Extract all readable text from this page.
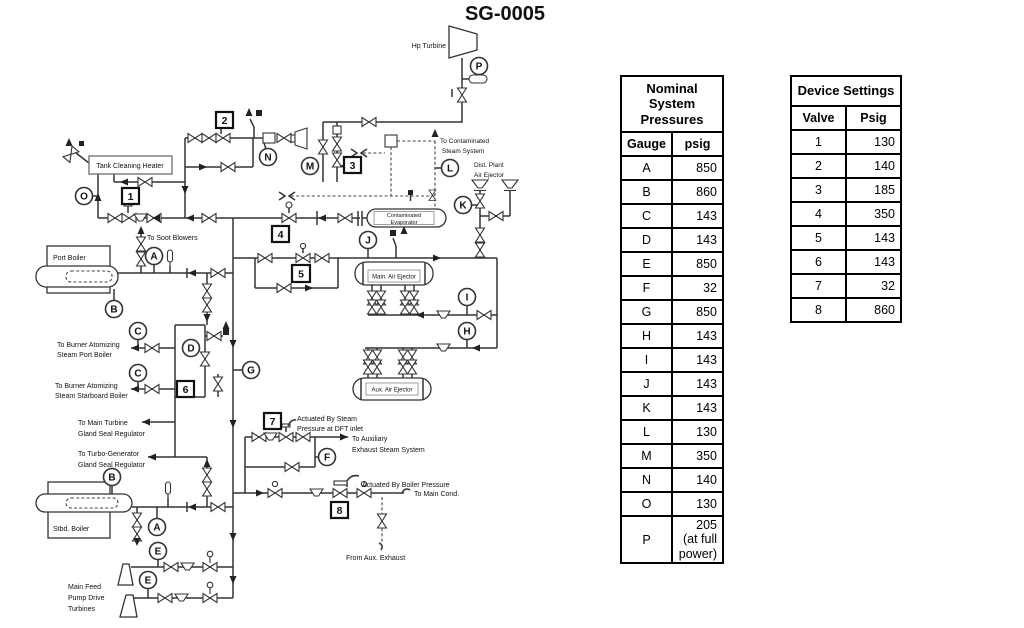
SG-0005
Hp Turbine
Tank Cleaning Heater
To Soot Blowers
Port Boiler
Contaminated
Evaporator
To Contaminated
Steam System
Dist. Plant
Air Ejector
Main. Air Ejector
Aux. Air Ejector
Stbd. Boiler
P
O
N
M	L
K
J
I
H
G
A
B
C
C
D
B
A
E
E
F
1
2
3
4
5
6
7
8
To Burner Atomizing
Steam Port Boiler
To Burner Atomizing
Steam Starboard Boiler
To Main Turbine
Gland Seal Regulator
To Turbo-Generator
Gland Seal Regulator
Actuated By Steam
Pressure at DFT inlet
To Auxiliary
Exhaust Steam System
Actuated By Boiler Pressure
To Main Cond.
From Aux. Exhaust
Main Feed
Pump Drive
Turbines
Nominal System Pressures	
Gauge	psig
A	850
B	860
C	143
D	143
E	850
F	32
G	850
H	143
I	143
J	143
K	143
L	130
M	350
N	140
O	130
P	205
(at full power)
Device Settings	
Valve	Psig
1	130
2	140
3	185
4	350
5	143
6	143
7	32
8	860
